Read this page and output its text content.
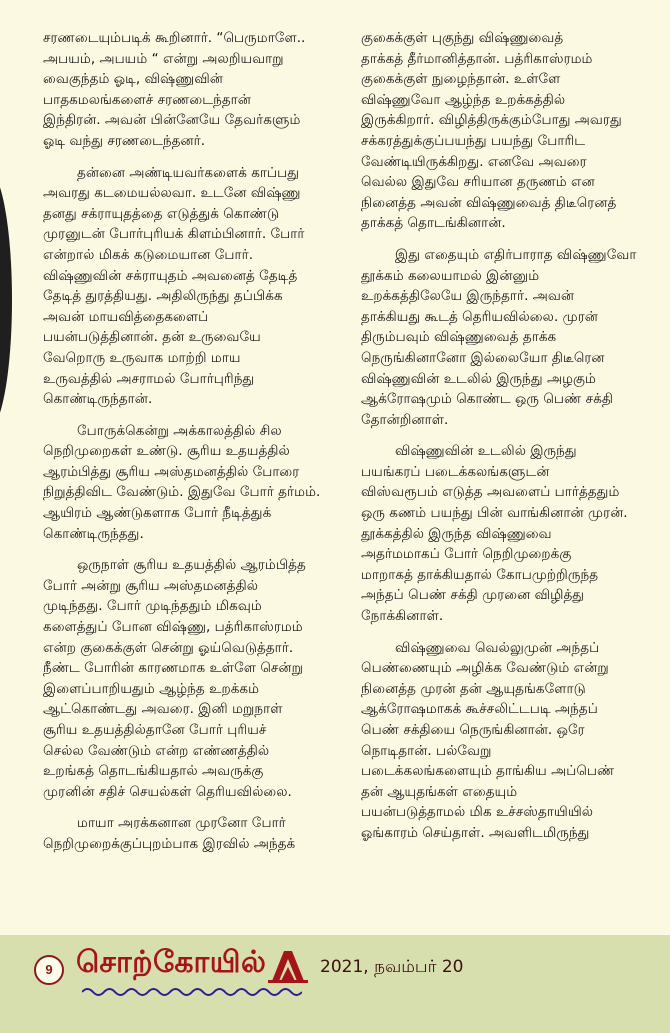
சரணடையும்படிக் கூறினார். “பெருமாளே..
அபயம், அபயம் “ என்று அலறியவாறு
வைகுந்தம் ஓடி, விஷ்ணுவின்
பாதகமலங்களைச் சரணடைந்தான்
இந்திரன். அவன் பின்னேயே தேவர்களும்
ஓடி வந்து சரணடைந்தனர்.
தன்னை அண்டியவர்களைக் காப்பது
அவரது கடமையல்லவா. உடனே விஷ்ணு
தனது சக்ராயுதத்தை எடுத்துக் கொண்டு
முரனுடன் போர்புரியக் கிளம்பினார். போர்
என்றால் மிகக் கடுமையான போர்.
விஷ்ணுவின் சக்ராயுதம் அவனைத் தேடித்
தேடித் துரத்தியது. அதிலிருந்து தப்பிக்க
அவன் மாயவித்தைகளைப்
பயன்படுத்தினான். தன் உருவையே
வேறொரு உருவாக மாற்றி மாய
உருவத்தில் அசராமல் போர்புரிந்து
கொண்டிருந்தான்.
போருக்கென்று அக்காலத்தில் சில
நெறிமுறைகள் உண்டு. சூரிய உதயத்தில்
ஆரம்பித்து சூரிய அஸ்தமனத்தில் போரை
நிறுத்திவிட வேண்டும். இதுவே போர் தர்மம்.
ஆயிரம் ஆண்டுகளாக போர் நீடித்துக்
கொண்டிருந்தது.
ஒருநாள் சூரிய உதயத்தில் ஆரம்பித்த
போர் அன்று சூரிய அஸ்தமனத்தில்
முடிந்தது. போர் முடிந்ததும் மிகவும்
களைத்துப் போன விஷ்ணு, பத்ரிகாஸ்ரமம்
என்ற குகைக்குள் சென்று ஓய்வெடுத்தார்.
நீண்ட போரின் காரணமாக உள்ளே சென்று
இளைப்பாறியதும் ஆழ்ந்த உறக்கம்
ஆட்கொண்டது அவரை. இனி மறுநாள்
சூரிய உதயத்தில்தானே போர் புரியச்
செல்ல வேண்டும் என்ற எண்ணத்தில்
உறங்கத் தொடங்கியதால் அவருக்கு
முரனின் சதிச் செயல்கள் தெரியவில்லை.
மாயா அரக்கனான முரனோ போர்
நெறிமுறைக்குப்புறம்பாக இரவில் அந்தக்
குகைக்குள் புகுந்து விஷ்ணுவைத்
தாக்கத் தீர்மானித்தான். பத்ரிகாஸ்ரமம்
குகைக்குள் நுழைந்தான். உள்ளே
விஷ்ணுவோ ஆழ்ந்த உறக்கத்தில்
இருக்கிறார். விழித்திருக்கும்போது அவரது
சக்கரத்துக்குப்பயந்து பயந்து போரிட
வேண்டியிருக்கிறது. எனவே அவரை
வெல்ல இதுவே சரியான தருணம் என
நினைத்த அவன் விஷ்ணுவைத் திடீரெனத்
தாக்கத் தொடங்கினான்.
இது எதையும் எதிர்பாராத விஷ்ணுவோ
தூக்கம் கலையாமல் இன்னும்
உறக்கத்திலேயே இருந்தார். அவன்
தாக்கியது கூடத் தெரியவில்லை. முரன்
திரும்பவும் விஷ்ணுவைத் தாக்க
நெருங்கினானோ இல்லையோ திடீரென
விஷ்ணுவின் உடலில் இருந்து அழகும்
ஆக்ரோஷமும் கொண்ட ஒரு பெண் சக்தி
தோன்றினாள்.
விஷ்ணுவின் உடலில் இருந்து
பயங்கரப் படைக்கலங்களுடன்
விஸ்வரூபம் எடுத்த அவளைப் பார்த்ததும்
ஒரு கணம் பயந்து பின் வாங்கினான் முரன்.
தூக்கத்தில் இருந்த விஷ்ணுவை
அதர்மமாகப் போர் நெறிமுறைக்கு
மாறாகத் தாக்கியதால் கோபமுற்றிருந்த
அந்தப் பெண் சக்தி முரனை விழித்து
நோக்கினாள்.
விஷ்ணுவை வெல்லுமுன் அந்தப்
பெண்ணையும் அழிக்க வேண்டும் என்று
நினைத்த முரன் தன் ஆயுதங்களோடு
ஆக்ரோஷமாகக் கூச்சலிட்டபடி அந்தப்
பெண் சக்தியை நெருங்கினான். ஒரே
நொடிதான். பல்வேறு
படைக்கலங்களையும் தாங்கிய அப்பெண்
தன் ஆயுதங்கள் எதையும்
பயன்படுத்தாமல் மிக உச்சஸ்தாயியில்
ஓங்காரம் செய்தாள். அவளிடமிருந்து
9 சொற்கோயில்	2021, நவம்பர் 20
